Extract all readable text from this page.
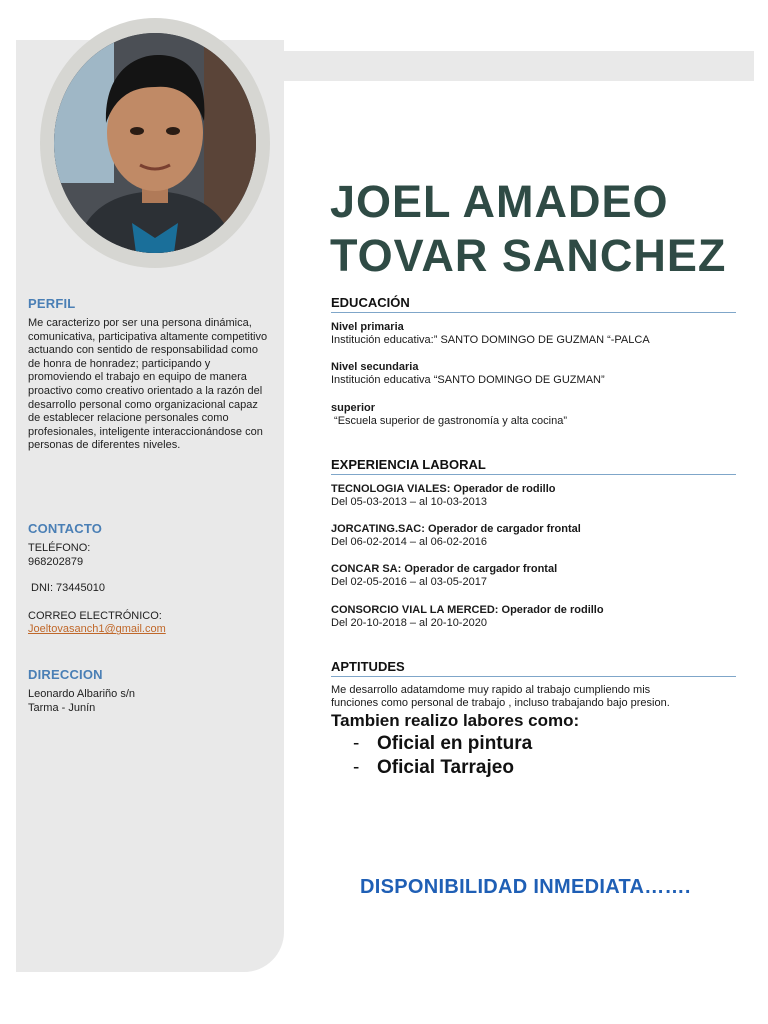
PERFIL
Me caracterizo por ser una persona dinámica, comunicativa, participativa altamente competitivo actuando con sentido de responsabilidad como de honra de honradez; participando y promoviendo el trabajo en equipo de manera proactivo como creativo orientado a la razón del desarrollo personal como organizacional capaz de establecer relacione personales como profesionales, inteligente interaccionándose con personas de diferentes niveles.
CONTACTO

TELÉFONO:

968202879

DNI: 73445010

CORREO ELECTRÓNICO:

Joeltovasanch1@gmail.com

DIRECCION

Leonardo Albariño s/n

Tarma - Junín

JOEL AMADEO
TOVAR SANCHEZ
EDUCACIÓN
Nivel primaria
Institución educativa:” SANTO DOMINGO DE GUZMAN “-PALCA
Nivel secundaria
Institución educativa “SANTO DOMINGO DE GUZMAN”
superior
“Escuela superior de gastronomía y alta cocina”
EXPERIENCIA LABORAL
TECNOLOGIA VIALES: Operador de rodillo
Del 05-03-2013 – al 10-03-2013
JORCATING.SAC: Operador de cargador frontal
Del 06-02-2014 – al 06-02-2016
CONCAR SA: Operador de cargador frontal
Del 02-05-2016 – al 03-05-2017
CONSORCIO VIAL LA MERCED: Operador de rodillo
Del 20-10-2018 – al 20-10-2020
APTITUDES
Me desarrollo adatamdome muy rapido al trabajo cumpliendo mis
funciones como personal de trabajo , incluso trabajando bajo presion.
Tambien realizo labores como:
- Oficial en pintura
- Oficial Tarrajeo
DISPONIBILIDAD INMEDIATA…….
